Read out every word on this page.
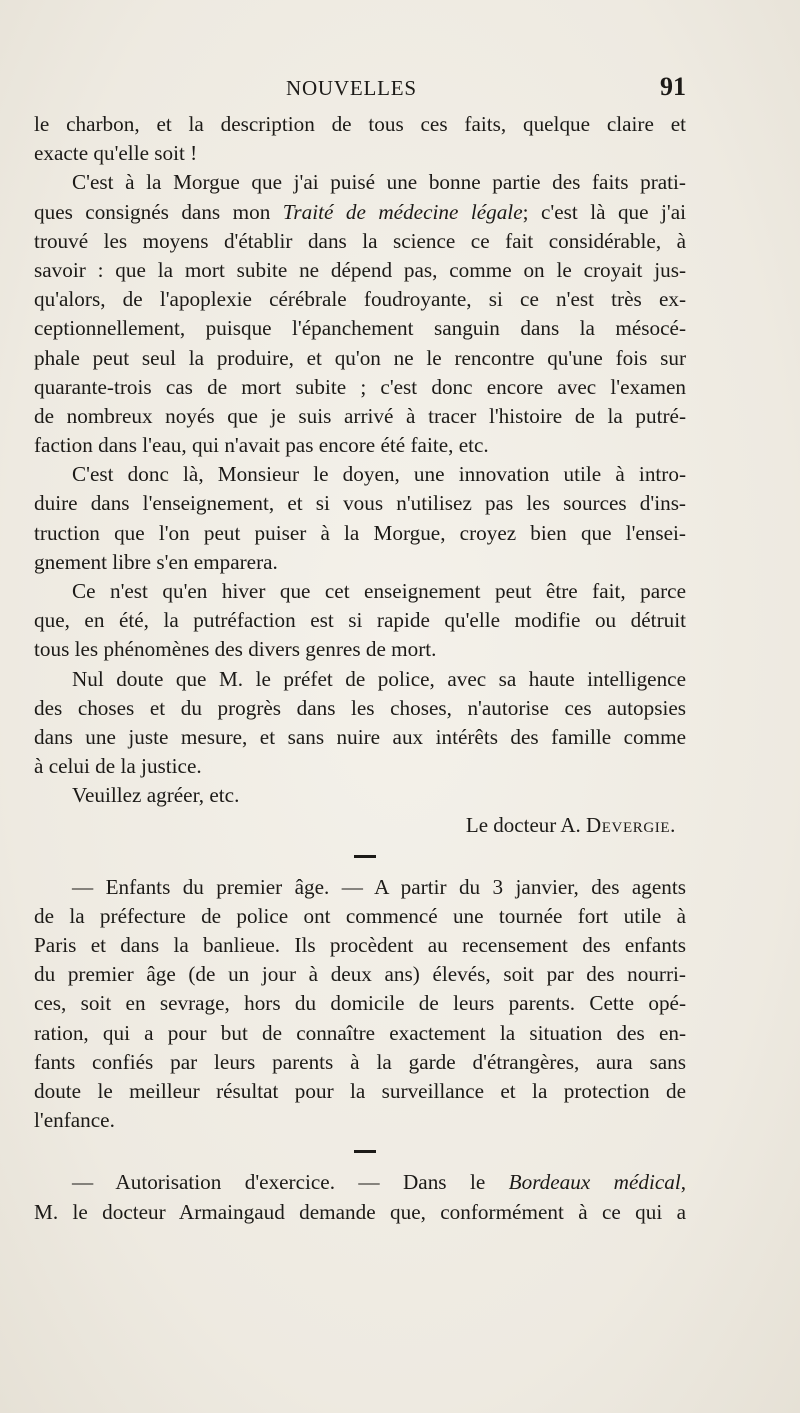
NOUVELLES	91
le charbon, et la description de tous ces faits, quelque claire et
exacte qu'elle soit !
C'est à la Morgue que j'ai puisé une bonne partie des faits prati-
ques consignés dans mon Traité de médecine légale; c'est là que j'ai
trouvé les moyens d'établir dans la science ce fait considérable, à
savoir : que la mort subite ne dépend pas, comme on le croyait jus-
qu'alors, de l'apoplexie cérébrale foudroyante, si ce n'est très ex-
ceptionnellement, puisque l'épanchement sanguin dans la mésocé-
phale peut seul la produire, et qu'on ne le rencontre qu'une fois sur
quarante-trois cas de mort subite ; c'est donc encore avec l'examen
de nombreux noyés que je suis arrivé à tracer l'histoire de la putré-
faction dans l'eau, qui n'avait pas encore été faite, etc.
C'est donc là, Monsieur le doyen, une innovation utile à intro-
duire dans l'enseignement, et si vous n'utilisez pas les sources d'ins-
truction que l'on peut puiser à la Morgue, croyez bien que l'ensei-
gnement libre s'en emparera.
Ce n'est qu'en hiver que cet enseignement peut être fait, parce
que, en été, la putréfaction est si rapide qu'elle modifie ou détruit
tous les phénomènes des divers genres de mort.
Nul doute que M. le préfet de police, avec sa haute intelligence
des choses et du progrès dans les choses, n'autorise ces autopsies
dans une juste mesure, et sans nuire aux intérêts des famille comme
à celui de la justice.
Veuillez agréer, etc.
Le docteur A. Devergie.
— Enfants du premier âge. — A partir du 3 janvier, des agents
de la préfecture de police ont commencé une tournée fort utile à
Paris et dans la banlieue. Ils procèdent au recensement des enfants
du premier âge (de un jour à deux ans) élevés, soit par des nourri-
ces, soit en sevrage, hors du domicile de leurs parents. Cette opé-
ration, qui a pour but de connaître exactement la situation des en-
fants confiés par leurs parents à la garde d'étrangères, aura sans
doute le meilleur résultat pour la surveillance et la protection de
l'enfance.
— Autorisation d'exercice. — Dans le Bordeaux médical,
M. le docteur Armaingaud demande que, conformément à ce qui a
